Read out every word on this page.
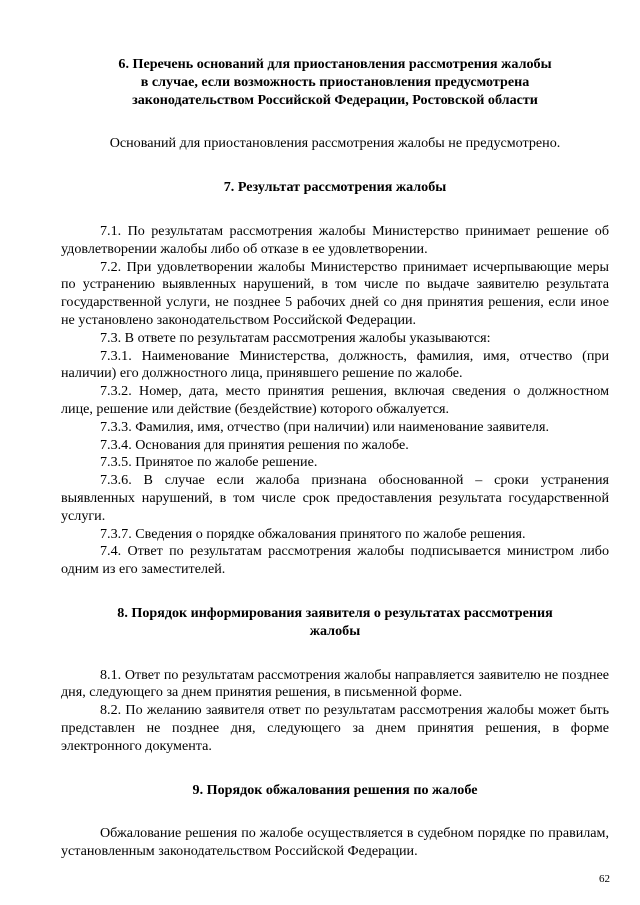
6. Перечень оснований для приостановления рассмотрения жалобы

в случае, если возможность приостановления предусмотрена

законодательством Российской Федерации, Ростовской области

Оснований для приостановления рассмотрения жалобы не предусмотрено.

7. Результат рассмотрения жалобы

7.1. По результатам рассмотрения жалобы Министерство принимает решение об удовлетворении жалобы либо об отказе в ее удовлетворении.

7.2. При удовлетворении жалобы Министерство принимает исчерпывающие меры по устранению выявленных нарушений, в том числе по выдаче заявителю результата государственной услуги, не позднее 5 рабочих дней со дня принятия решения, если иное не установлено законодательством Российской Федерации.

7.3. В ответе по результатам рассмотрения жалобы указываются:

7.3.1. Наименование Министерства, должность, фамилия, имя, отчество (при наличии) его должностного лица, принявшего решение по жалобе.

7.3.2. Номер, дата, место принятия решения, включая сведения о должностном лице, решение или действие (бездействие) которого обжалуется.

7.3.3. Фамилия, имя, отчество (при наличии) или наименование заявителя.

7.3.4. Основания для принятия решения по жалобе.

7.3.5. Принятое по жалобе решение.

7.3.6. В случае если жалоба признана обоснованной – сроки устранения выявленных нарушений, в том числе срок предоставления результата государственной услуги.

7.3.7. Сведения о порядке обжалования принятого по жалобе решения.

7.4. Ответ по результатам рассмотрения жалобы подписывается министром либо одним из его заместителей.

8. Порядок информирования заявителя о результатах рассмотрения

жалобы

8.1. Ответ по результатам рассмотрения жалобы направляется заявителю не позднее дня, следующего за днем принятия решения, в письменной форме.

8.2. По желанию заявителя ответ по результатам рассмотрения жалобы может быть представлен не позднее дня, следующего за днем принятия решения, в форме электронного документа.

9. Порядок обжалования решения по жалобе

Обжалование решения по жалобе осуществляется в судебном порядке по правилам, установленным законодательством Российской Федерации.

62
